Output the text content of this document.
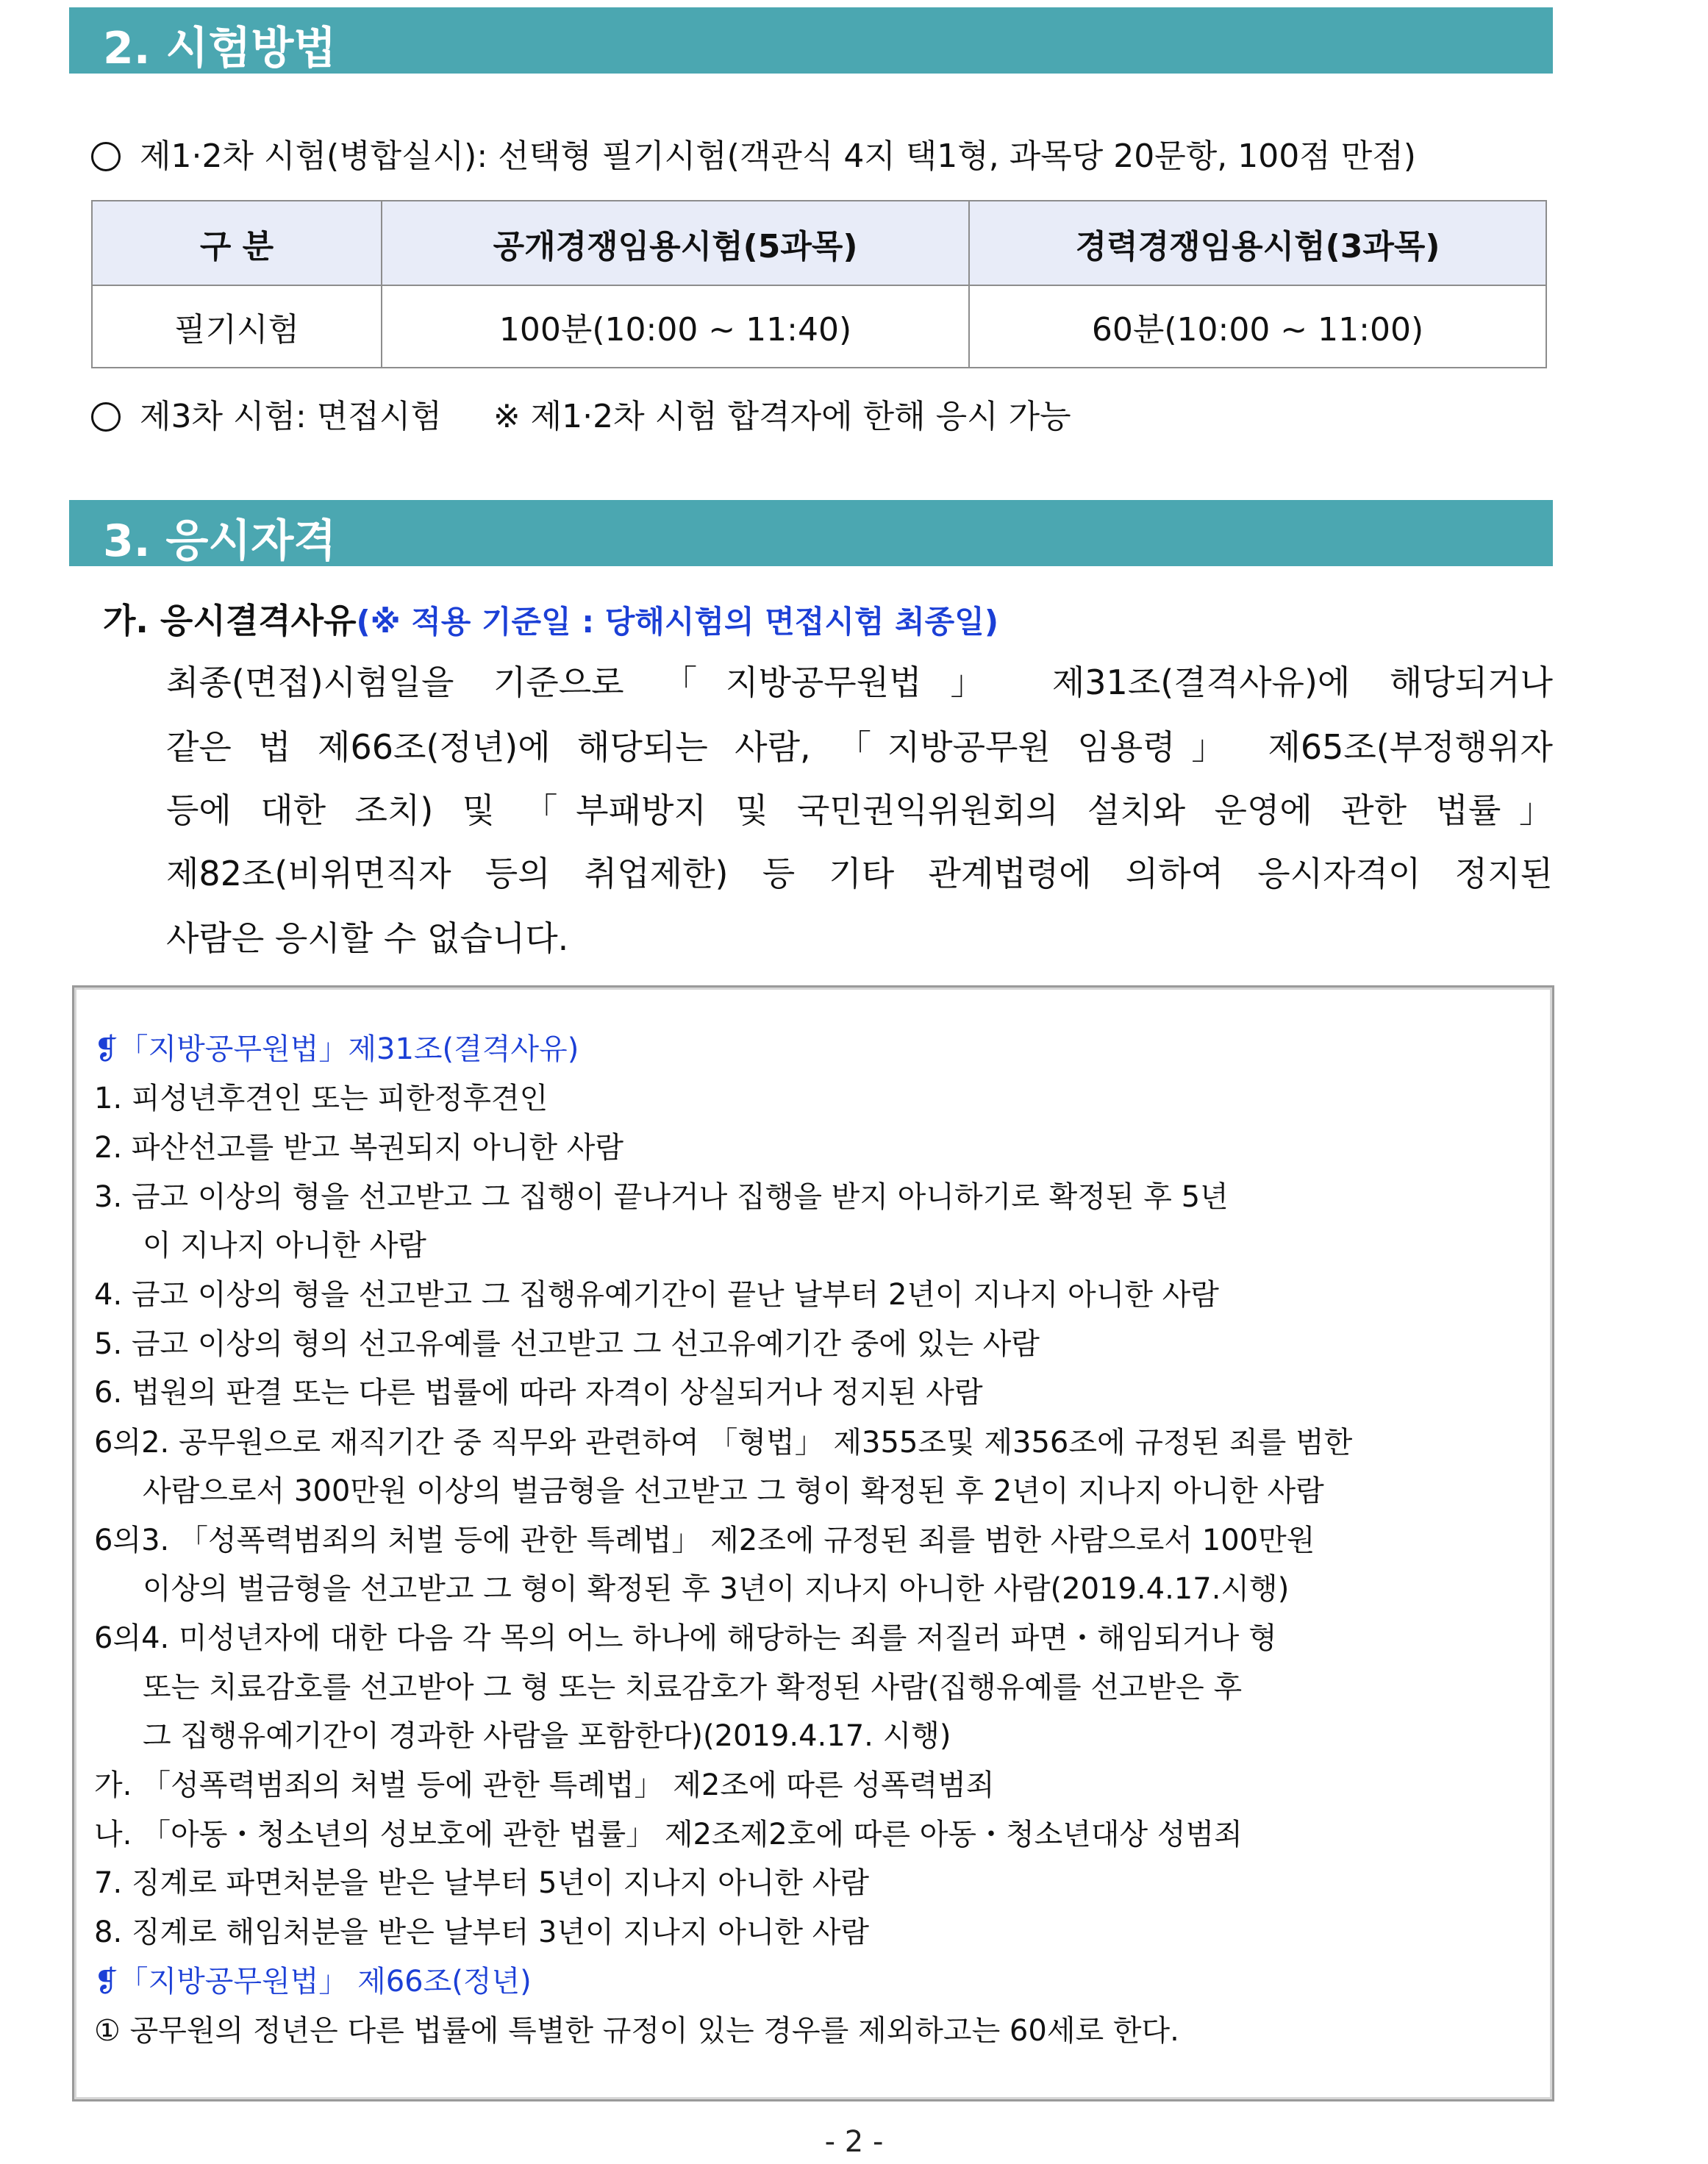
2. 시험방법
제1·2차 시험(병합실시): 선택형 필기시험(객관식 4지 택1형, 과목당 20문항, 100점 만점)
구 분	공개경쟁임용시험(5과목)	경력경쟁임용시험(3과목)
필기시험	100분(10:00 ~ 11:40)	60분(10:00 ~ 11:00)
제3차 시험: 면접시험 ※ 제1·2차 시험 합격자에 한해 응시 가능
3. 응시자격
가. 응시결격사유(※ 적용 기준일 : 당해시험의 면접시험 최종일)
최종(면접)시험일을 기준으로 「지방공무원법」 제31조(결격사유)에 해당되거나
같은 법 제66조(정년)에 해당되는 사람, 「지방공무원 임용령」 제65조(부정행위자
등에 대한 조치) 및 「부패방지 및 국민권익위원회의 설치와 운영에 관한 법률」
제82조(비위면직자 등의 취업제한) 등 기타 관계법령에 의하여 응시자격이 정지된
사람은 응시할 수 없습니다.
❡「지방공무원법」제31조(결격사유)
1. 피성년후견인 또는 피한정후견인
2. 파산선고를 받고 복권되지 아니한 사람
3. 금고 이상의 형을 선고받고 그 집행이 끝나거나 집행을 받지 아니하기로 확정된 후 5년
이 지나지 아니한 사람
4. 금고 이상의 형을 선고받고 그 집행유예기간이 끝난 날부터 2년이 지나지 아니한 사람
5. 금고 이상의 형의 선고유예를 선고받고 그 선고유예기간 중에 있는 사람
6. 법원의 판결 또는 다른 법률에 따라 자격이 상실되거나 정지된 사람
6의2. 공무원으로 재직기간 중 직무와 관련하여 「형법」 제355조및 제356조에 규정된 죄를 범한
사람으로서 300만원 이상의 벌금형을 선고받고 그 형이 확정된 후 2년이 지나지 아니한 사람
6의3. 「성폭력범죄의 처벌 등에 관한 특례법」 제2조에 규정된 죄를 범한 사람으로서 100만원
이상의 벌금형을 선고받고 그 형이 확정된 후 3년이 지나지 아니한 사람(2019.4.17.시행)
6의4. 미성년자에 대한 다음 각 목의 어느 하나에 해당하는 죄를 저질러 파면・해임되거나 형
또는 치료감호를 선고받아 그 형 또는 치료감호가 확정된 사람(집행유예를 선고받은 후
그 집행유예기간이 경과한 사람을 포함한다)(2019.4.17. 시행)
가. 「성폭력범죄의 처벌 등에 관한 특례법」 제2조에 따른 성폭력범죄
나. 「아동・청소년의 성보호에 관한 법률」 제2조제2호에 따른 아동・청소년대상 성범죄
7. 징계로 파면처분을 받은 날부터 5년이 지나지 아니한 사람
8. 징계로 해임처분을 받은 날부터 3년이 지나지 아니한 사람
❡「지방공무원법」 제66조(정년)
① 공무원의 정년은 다른 법률에 특별한 규정이 있는 경우를 제외하고는 60세로 한다.
- 2 -
